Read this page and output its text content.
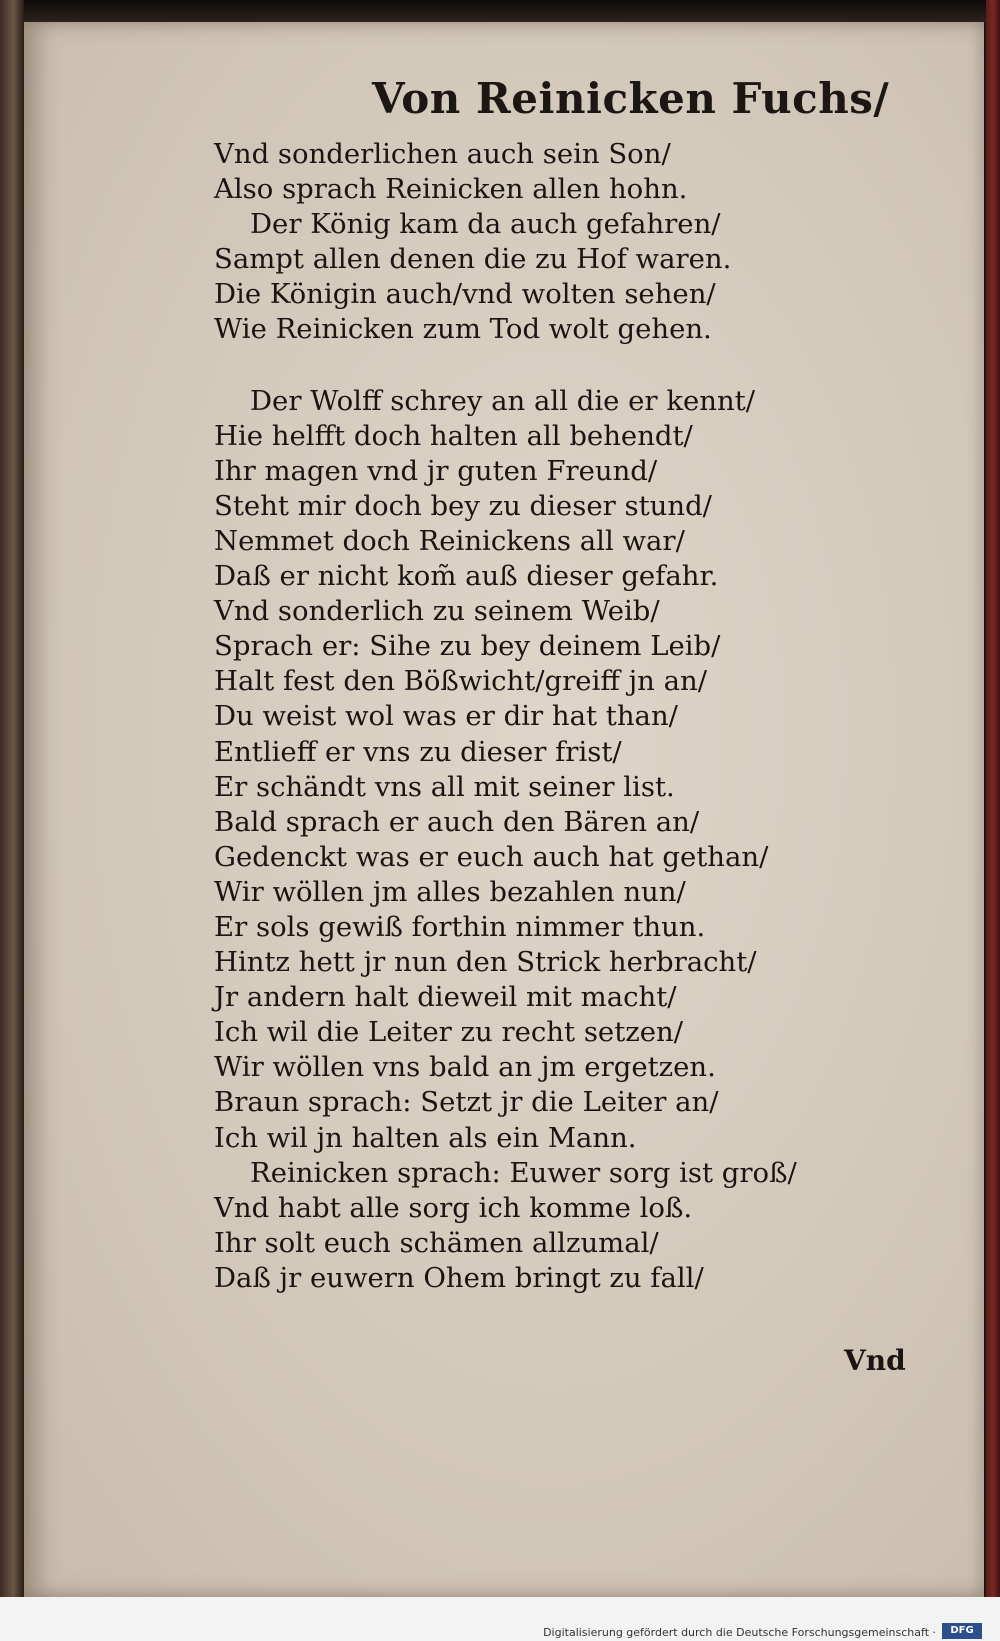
Von Reinicken Fuchs/
Vnd sonderlichen auch sein Son/
Also sprach Reinicken allen hohn.
Der König kam da auch gefahren/
Sampt allen denen die zu Hof waren.
Die Königin auch/vnd wolten sehen/
Wie Reinicken zum Tod wolt gehen.
Der Wolff schrey an all die er kennt/
Hie helfft doch halten all behendt/
Ihr magen vnd jr guten Freund/
Steht mir doch bey zu dieser stund/
Nemmet doch Reinickens all war/
Daß er nicht kom̃ auß dieser gefahr.
Vnd sonderlich zu seinem Weib/
Sprach er: Sihe zu bey deinem Leib/
Halt fest den Bößwicht/greiff jn an/
Du weist wol was er dir hat than/
Entlieff er vns zu dieser frist/
Er schändt vns all mit seiner list.
Bald sprach er auch den Bären an/
Gedenckt was er euch auch hat gethan/
Wir wöllen jm alles bezahlen nun/
Er sols gewiß forthin nimmer thun.
Hintz hett jr nun den Strick herbracht/
Jr andern halt dieweil mit macht/
Ich wil die Leiter zu recht setzen/
Wir wöllen vns bald an jm ergetzen.
Braun sprach: Setzt jr die Leiter an/
Ich wil jn halten als ein Mann.
Reinicken sprach: Euwer sorg ist groß/
Vnd habt alle sorg ich komme loß.
Ihr solt euch schämen allzumal/
Daß jr euwern Ohem bringt zu fall/
Vnd
Digitalisierung gefördert durch die Deutsche Forschungsgemeinschaft ·	DFG
